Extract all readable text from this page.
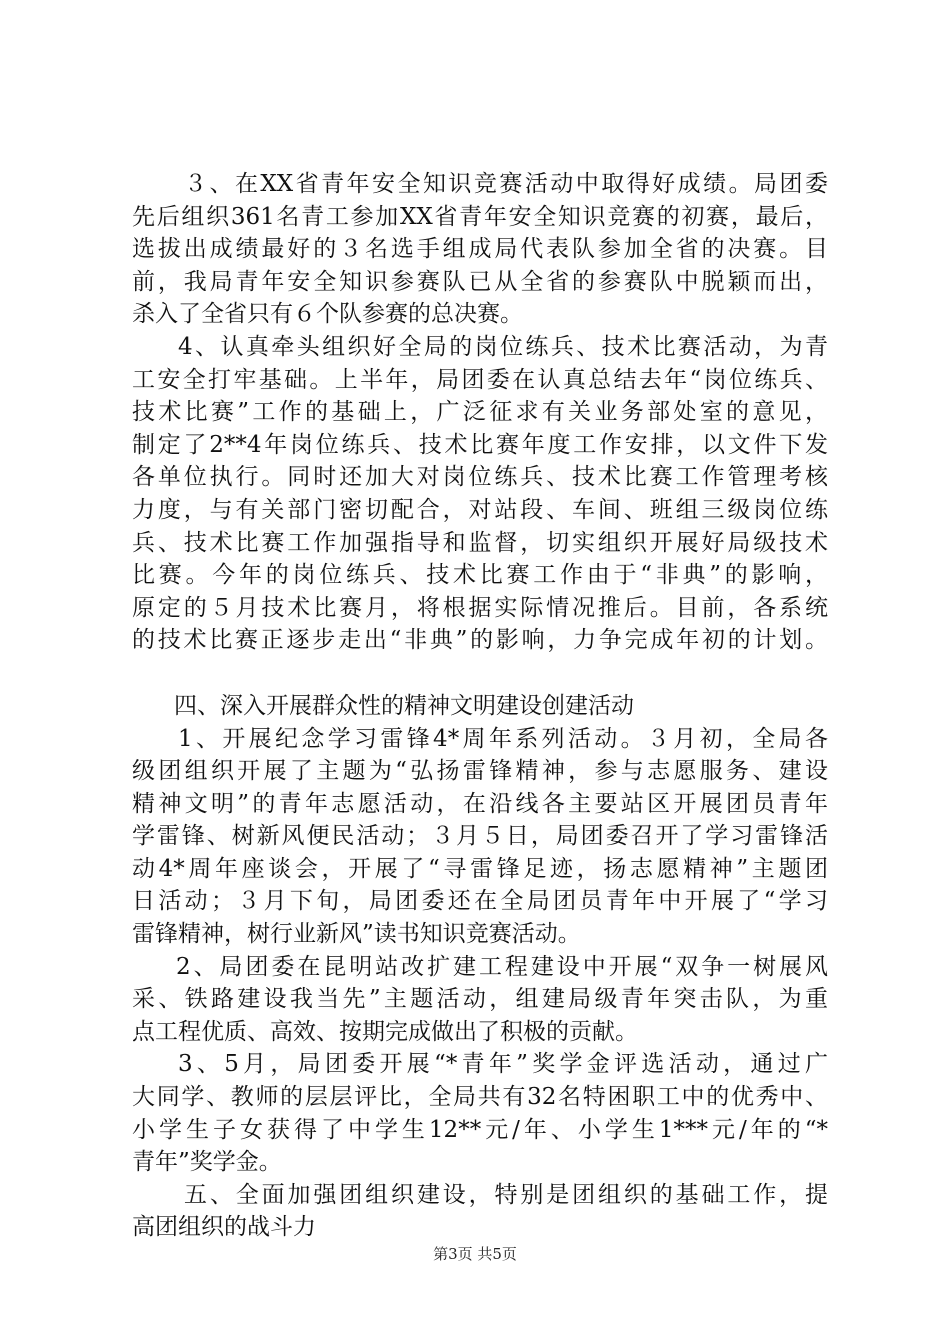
３、在XX省青年安全知识竞赛活动中取得好成绩。局团委
先后组织361名青工参加XX省青年安全知识竞赛的初赛，最后，
选拔出成绩最好的３名选手组成局代表队参加全省的决赛。目
前，我局青年安全知识参赛队已从全省的参赛队中脱颖而出，
杀入了全省只有６个队参赛的总决赛。
4、认真牵头组织好全局的岗位练兵、技术比赛活动，为青
工安全打牢基础。上半年，局团委在认真总结去年“岗位练兵、
技术比赛”工作的基础上，广泛征求有关业务部处室的意见，
制定了2**4年岗位练兵、技术比赛年度工作安排，以文件下发
各单位执行。同时还加大对岗位练兵、技术比赛工作管理考核
力度，与有关部门密切配合，对站段、车间、班组三级岗位练
兵、技术比赛工作加强指导和监督，切实组织开展好局级技术
比赛。今年的岗位练兵、技术比赛工作由于“非典”的影响，
原定的５月技术比赛月，将根据实际情况推后。目前，各系统
的技术比赛正逐步走出“非典”的影响，力争完成年初的计划。
四、深入开展群众性的精神文明建设创建活动
1、开展纪念学习雷锋4*周年系列活动。３月初，全局各
级团组织开展了主题为“弘扬雷锋精神，参与志愿服务、建设
精神文明”的青年志愿活动，在沿线各主要站区开展团员青年
学雷锋、树新风便民活动；３月５日，局团委召开了学习雷锋活
动4*周年座谈会，开展了“寻雷锋足迹，扬志愿精神”主题团
日活动；３月下旬，局团委还在全局团员青年中开展了“学习
雷锋精神，树行业新风”读书知识竞赛活动。
2、局团委在昆明站改扩建工程建设中开展“双争一树展风
采、铁路建设我当先”主题活动，组建局级青年突击队，为重
点工程优质、高效、按期完成做出了积极的贡献。
3、5月，局团委开展“*青年”奖学金评选活动，通过广
大同学、教师的层层评比，全局共有32名特困职工中的优秀中、
小学生子女获得了中学生12**元/年、小学生1***元/年的“*
青年”奖学金。
五、全面加强团组织建设，特别是团组织的基础工作，提
高团组织的战斗力
第3页 共5页
